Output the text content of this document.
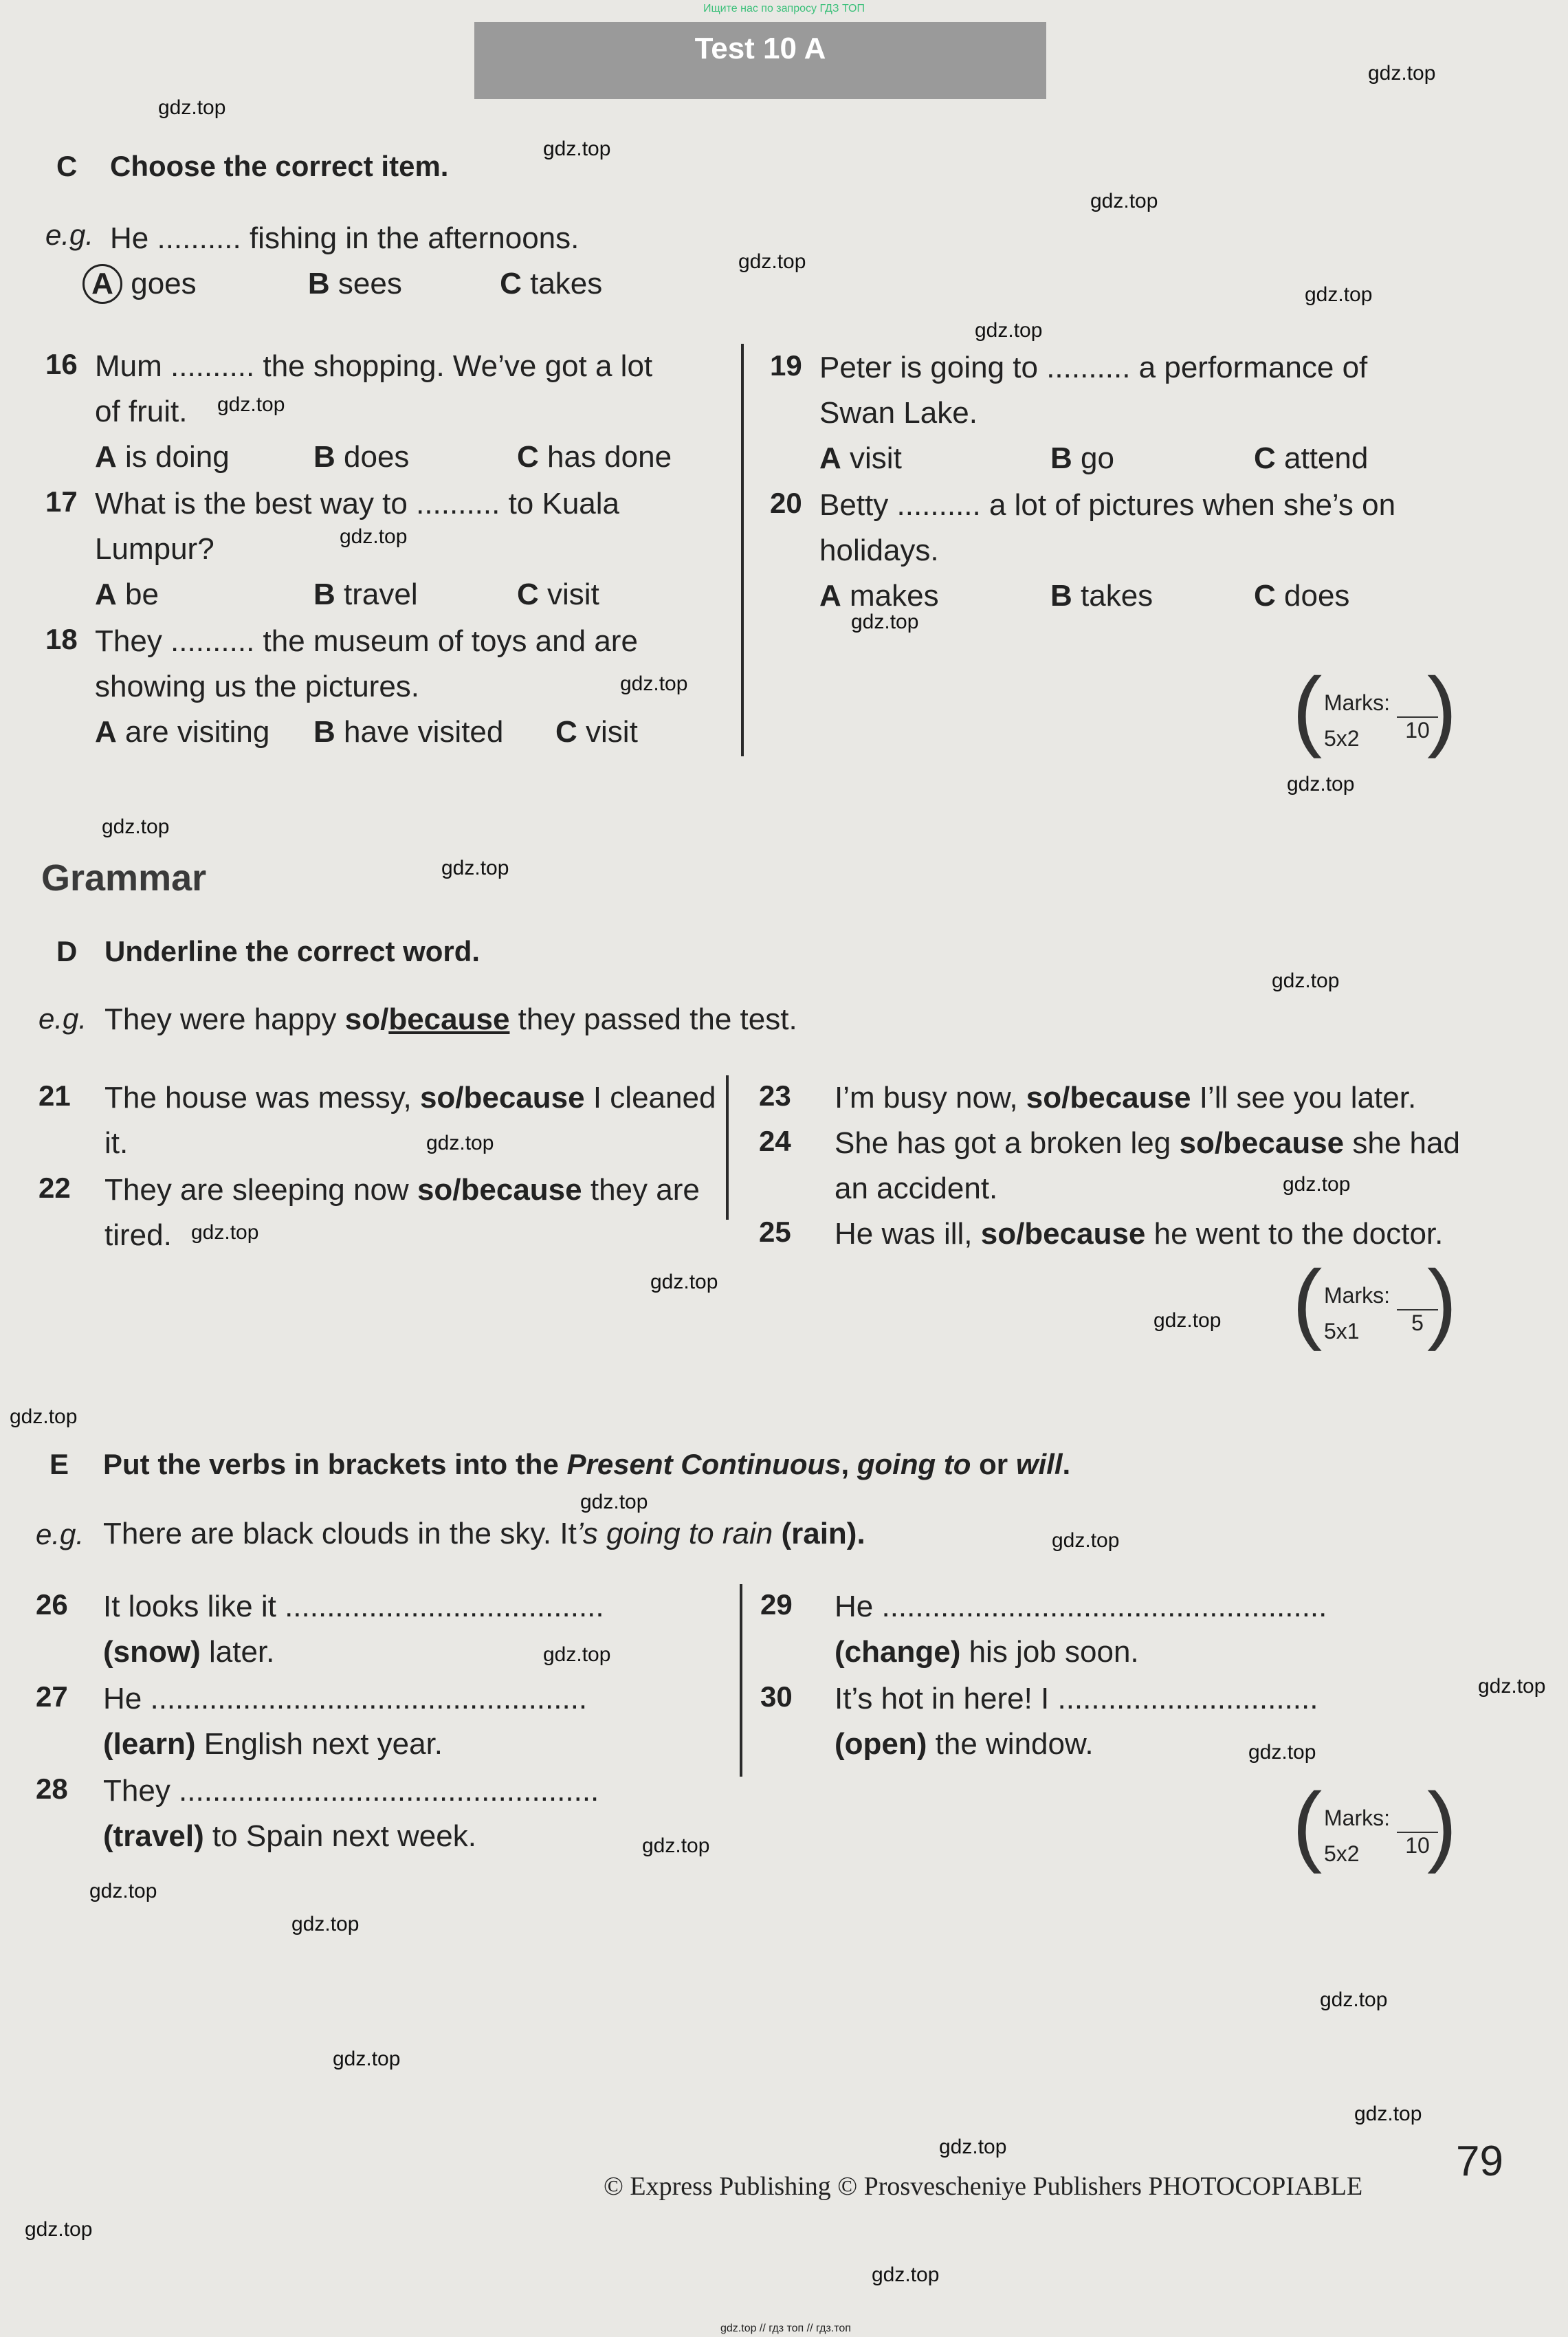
Ищите нас по запросу ГДЗ ТОП
Test 10 A
C Choose the correct item.
e.g. He .......... fishing in the afternoons.
A goes	B sees	C takes
16 Mum .......... the shopping. We’ve got a lot
of fruit.
A is doing	B does	C has done
17 What is the best way to .......... to Kuala
Lumpur?
A be	B travel	C visit
18 They .......... the museum of toys and are
showing us the pictures.
A are visiting B have visited C visit
19 Peter is going to .......... a performance of
Swan Lake.
A visit	B go	C attend
20 Betty .......... a lot of pictures when she’s on
holidays.
A makes	B takes	C does
( Marks:
5x2	10
)
Grammar
D Underline the correct word.
e.g. They were happy so/because they passed the test.
21 The house was messy, so/because I cleaned
it.
22 They are sleeping now so/because they are
tired.
23 I’m busy now, so/because I’ll see you later.
24 She has got a broken leg so/because she had
an accident.
25 He was ill, so/because he went to the doctor.
( Marks:
5x1	5 )
E Put the verbs in brackets into the Present Continuous, going to or will.
e.g. There are black clouds in the sky. It’s going to rain (rain).
26 It looks like it ......................................
(snow) later.
27 He ....................................................
(learn) English next year.
28 They ..................................................
(travel) to Spain next week.
29 He .....................................................
(change) his job soon.
30 It’s hot in here! I ...............................
(open) the window.
( Marks:
5x2	10
)
© Express Publishing © Prosvescheniye Publishers PHOTOCOPIABLE
79
gdz.top // гдз топ // гдз.топ
gdz.top
gdz.top
gdz.top
gdz.top
gdz.top
gdz.top
gdz.top
gdz.top
gdz.top
gdz.top
gdz.top
gdz.top
gdz.top
gdz.top
gdz.top
gdz.top
gdz.top
gdz.top
gdz.top
gdz.top
gdz.top
gdz.top
gdz.top
gdz.top
gdz.top
gdz.top
gdz.top
gdz.top
gdz.top
gdz.top
gdz.top
gdz.top
gdz.top
gdz.top
gdz.top
